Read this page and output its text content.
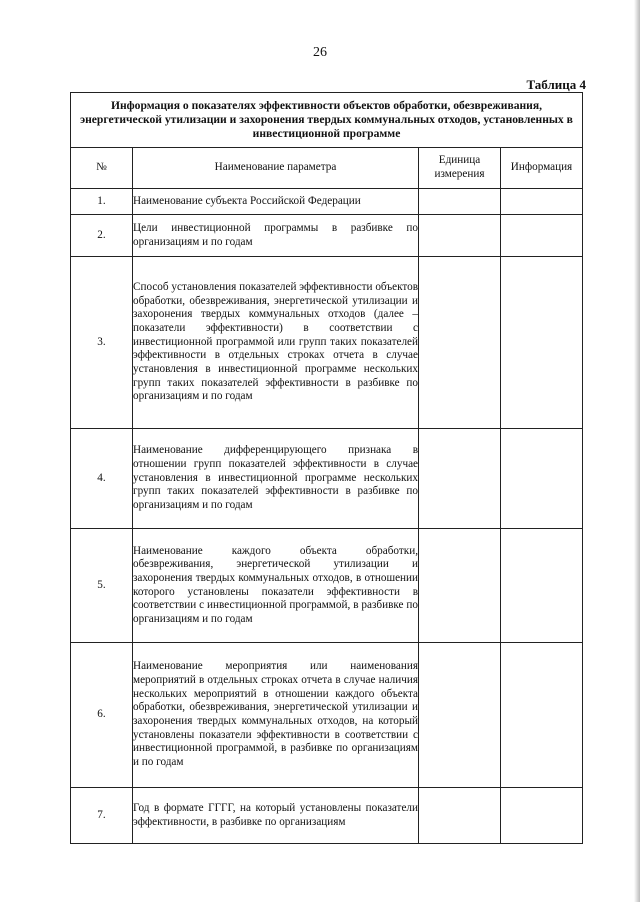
26
Таблица 4
Информация о показателях эффективности объектов обработки, обезвреживания, энергетической утилизации и захоронения твердых коммунальных отходов, установленных в инвестиционной программе			
№	Наименование параметра	Единица измерения	Информация
1.	Наименование субъекта Российской Федерации		
2.	Цели инвестиционной программы в разбивке по организациям и по годам		
3.	Способ установления показателей эффективности объектов обработки, обезвреживания, энергетической утилизации и захоронения твердых коммунальных отходов (далее – показатели эффективности) в соответствии с инвестиционной программой или групп таких показателей эффективности в отдельных строках отчета в случае установления в инвестиционной программе нескольких групп таких показателей эффективности в разбивке по организациям и по годам		
4.	Наименование дифференцирующего признака в отношении групп показателей эффективности в случае установления в инвестиционной программе нескольких групп таких показателей эффективности в разбивке по организациям и по годам		
5.	Наименование каждого объекта обработки, обезвреживания, энергетической утилизации и захоронения твердых коммунальных отходов, в отношении которого установлены показатели эффективности в соответствии с инвестиционной программой, в разбивке по организациям и по годам		
6.	Наименование мероприятия или наименования мероприятий в отдельных строках отчета в случае наличия нескольких мероприятий в отношении каждого объекта обработки, обезвреживания, энергетической утилизации и захоронения твердых коммунальных отходов, на который установлены показатели эффективности в соответствии с инвестиционной программой, в разбивке по организациям и по годам		
7.	Год в формате ГГГГ, на который установлены показатели эффективности, в разбивке по организациям		
